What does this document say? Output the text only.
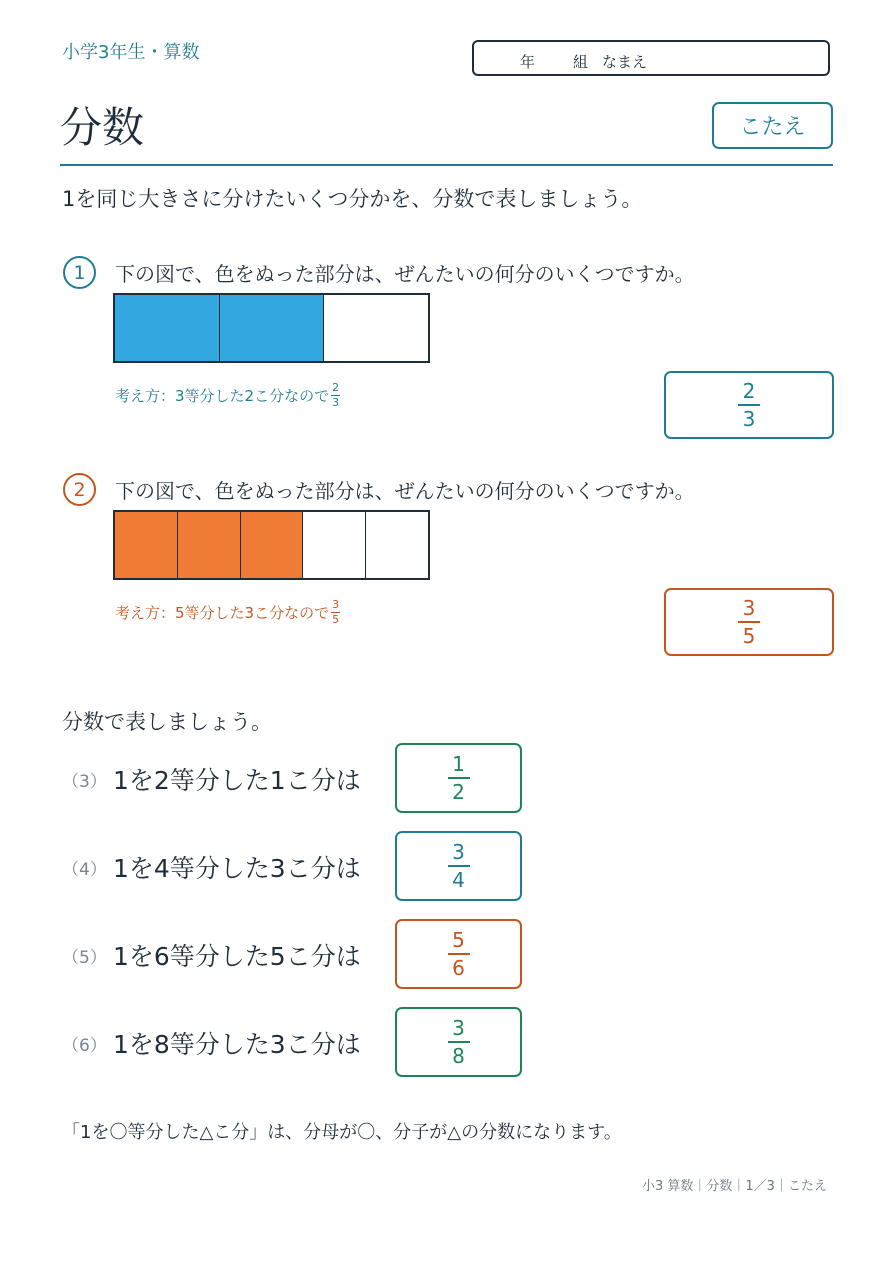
小学3年生・算数	年	組 なまえ
分数	こたえ
1を同じ大きさに分けたいくつ分かを、分数で表しましょう。
1	下の図で、色をぬった部分は、ぜんたいの何分のいくつですか。
考え方：3等分した2こ分なので $\frac{2}{3}$	$\frac{2}{3}$
2	下の図で、色をぬった部分は、ぜんたいの何分のいくつですか。
考え方：5等分した3こ分なので $\frac{3}{5}$	$\frac{3}{5}$
分数で表しましょう。
（3） 1を2等分した1こ分は	$\frac{1}{2}$
（4） 1を4等分した3こ分は	$\frac{3}{4}$
（5） 1を6等分した5こ分は	$\frac{5}{6}$
（6） 1を8等分した3こ分は	$\frac{3}{8}$
「1を〇等分した△こ分」は、分母が〇、分子が△の分数になります。
小3 算数｜分数｜1／3｜こたえ
